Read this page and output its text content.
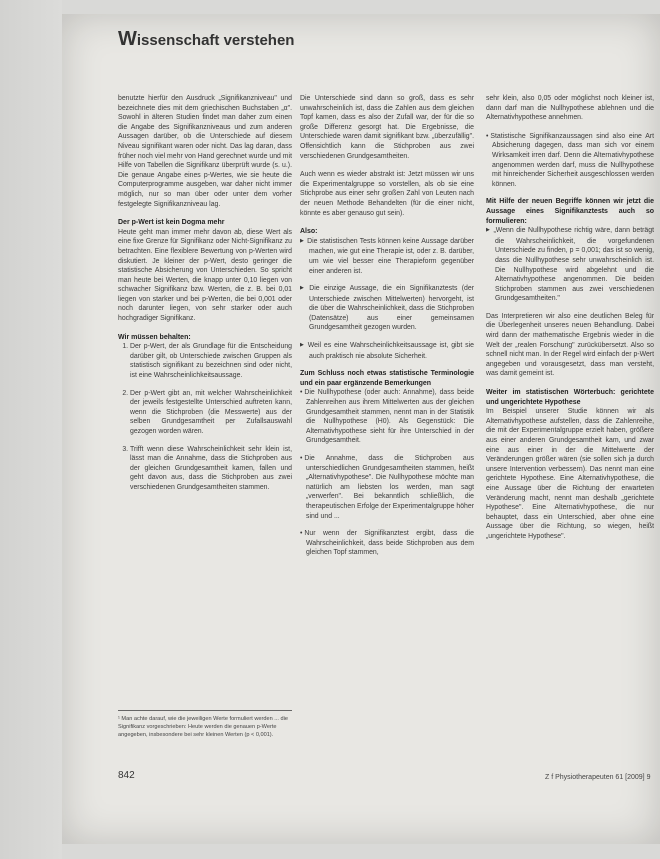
Wissenschaft verstehen

benutzte hierfür den Ausdruck „Signifikanzniveau" und bezeichnete dies mit dem griechischen Buchstaben „α". Sowohl in älteren Studien findet man daher zum einen die Angabe des Signifikanzniveaus und zum anderen Aussagen darüber, ob die Unterschiede auf diesem Niveau signifikant waren oder nicht. Das lag daran, dass früher noch viel mehr von Hand gerechnet wurde und mit Hilfe von Tabellen die Signifikanz überprüft wurde (s. u.). Die genaue Angabe eines p-Wertes, wie sie heute die Computerprogramme ausgeben, war daher nicht immer möglich, nur so man über oder unter dem vorher festgelegte Signifikanzniveau lag.

Der p-Wert ist kein Dogma mehr

Heute geht man immer mehr davon ab, diese Wert als eine fixe Grenze für Signifikanz oder Nicht-Signifikanz zu betrachten. Eine flexiblere Bewertung von p-Werten wird diskutiert. Je kleiner der p-Wert, desto geringer die statistische Absicherung von Unterschieden. So spricht man heute bei Werten, die knapp unter 0,10 liegen von schwacher Signifikanz bzw. Werten, die z. B. bei 0,01 liegen von starker und bei p-Werten, die bei 0,001 oder noch darunter liegen, von sehr starker oder auch hochgradiger Signifikanz.

Wir müssen behalten:
1. Der p-Wert, der als Grundlage für die Entscheidung darüber gilt, ob Unterschiede zwischen Gruppen als statistisch signifikant zu bezeichnen sind oder nicht, ist eine Wahrscheinlichkeitsaussage.
2. Der p-Wert gibt an, mit welcher Wahrscheinlichkeit der jeweils festgestellte Unterschied auftreten kann, wenn die Stichproben (die Messwerte) aus der selben Grundgesamtheit per Zufallsauswahl gezogen worden wären.
3. Trifft wenn diese Wahrscheinlichkeit sehr klein ist, lässt man die Annahme, dass die Stichproben aus der gleichen Grundgesamtheit kamen, fallen und geht davon aus, dass die Stichproben aus zwei verschiedenen Grundgesamtheiten stammen.
¹ Man achte darauf, wie die jeweiligen Werte formuliert werden ... die Signifikanz vorgeschrieben: Heute werden die genauen p-Werte angegeben, insbesondere bei sehr kleinen Werten (p < 0,001).
842

Die Unterschiede sind dann so groß, dass es sehr unwahrscheinlich ist, dass die Zahlen aus dem gleichen Topf kamen, dass es also der Zufall war, der für die so große Differenz gesorgt hat. Die Ergebnisse, die Unterschiede waren damit signifikant bzw. „überzufällig". Offensichtlich kann die Stichproben aus zwei verschiedenen Grundgesamtheiten.

Auch wenn es wieder abstrakt ist: Jetzt müssen wir uns die Experimentalgruppe so vorstellen, als ob sie eine Stichprobe aus einer sehr großen Zahl von Leuten nach der neuen Methode Behandelten (für die einer nicht, könnte es aber genauso gut sein).

Also:
▶ Die statistischen Tests können keine Aussage darüber machen, wie gut eine Therapie ist, oder z. B. darüber, um wie viel besser eine Therapieform gegenüber einer anderen ist.
▶ Die einzige Aussage, die ein Signifikanztests (der Unterschiede zwischen Mittelwerten) hervorgeht, ist die über die Wahrscheinlichkeit, dass die Stichproben (Datensätze) aus einer gemeinsamen Grundgesamtheit gezogen wurden.
▶ Weil es eine Wahrscheinlichkeitsaussage ist, gibt sie auch praktisch nie absolute Sicherheit.
Zum Schluss noch etwas statistische Terminologie und ein paar ergänzende Bemerkungen
• Die Nullhypothese (oder auch: Annahme), dass beide Zahlenreihen aus ihrem Mittelwerten aus der gleichen Grundgesamtheit stammen, nennt man in der Statistik die Nullhypothese (H0). Als Gegenstück: Die Alternativhypothese sieht für ihre Unterschied in der Grundgesamtheit.
• Die Annahme, dass die Stichproben aus unterschiedlichen Grundgesamtheiten stammen, heißt „Alternativhypothese". Die Nullhypothese möchte man natürlich am liebsten los werden, man sagt „verwerfen". Bei bekanntlich schließlich, die therapeutischen Erfolge der Experimentalgruppe höher sind und ...
• Nur wenn der Signifikanztest ergibt, dass die Wahrscheinlichkeit, dass beide Stichproben aus dem gleichen Topf stammen,

sehr klein, also 0,05 oder möglichst noch kleiner ist, dann darf man die Nullhypothese ablehnen und die Alternativhypothese annehmen.

• Statistische Signifikanzaussagen sind also eine Art Absicherung dagegen, dass man sich vor einem Wirksamkeit irren darf. Denn die Alternativhypothese angenommen werden darf, muss die Nullhypothese mit hinreichender Sicherheit ausgeschlossen werden können.
Mit Hilfe der neuen Begriffe können wir jetzt die Aussage eines Signifikanztests auch so formulieren:
▶ „Wenn die Nullhypothese richtig wäre, dann beträgt die Wahrscheinlichkeit, die vorgefundenen Unterschiede zu finden, p = 0,001; das ist so wenig, dass die Nullhypothese sehr unwahrscheinlich ist. Die Nullhypothese wird abgelehnt und die Alternativhypothese angenommen. Die beiden Stichproben stammen aus zwei verschiedenen Grundgesamtheiten."

Das Interpretieren wir also eine deutlichen Beleg für die Überlegenheit unseres neuen Behandlung. Dabei wird dann der mathematische Ergebnis wieder in die Welt der „realen Forschung" zurückübersetzt. Also so schnell nicht man. In der Regel wird einfach der p-Wert angegeben und vorausgesetzt, dass man versteht, was damit gemeint ist.

Weiter im statistischen Wörterbuch: gerichtete und ungerichtete Hypothese

Im Beispiel unserer Studie können wir als Alternativhypothese aufstellen, dass die Zahlenreihe, die mit der Experimentalgruppe erzielt haben, größere aus einer anderen Grundgesamtheit kam, und zwar eine aus einer in der die Mittelwerte der Veränderungen größer wären (sie sollen sich ja durch unsere Intervention verbessern). Das nennt man eine gerichtete Hypothese. Eine Alternativhypothese, die eine Aussage über die Richtung der erwarteten Veränderung macht, nennt man deshalb „gerichtete Hypothese". Eine Alternativhypothese, die nur behauptet, dass ein Unterschied, aber ohne eine Aussage über die Richtung, so wiegen, heißt „ungerichtete Hypothese".

Z f Physiotherapeuten 61 [2009] 9
